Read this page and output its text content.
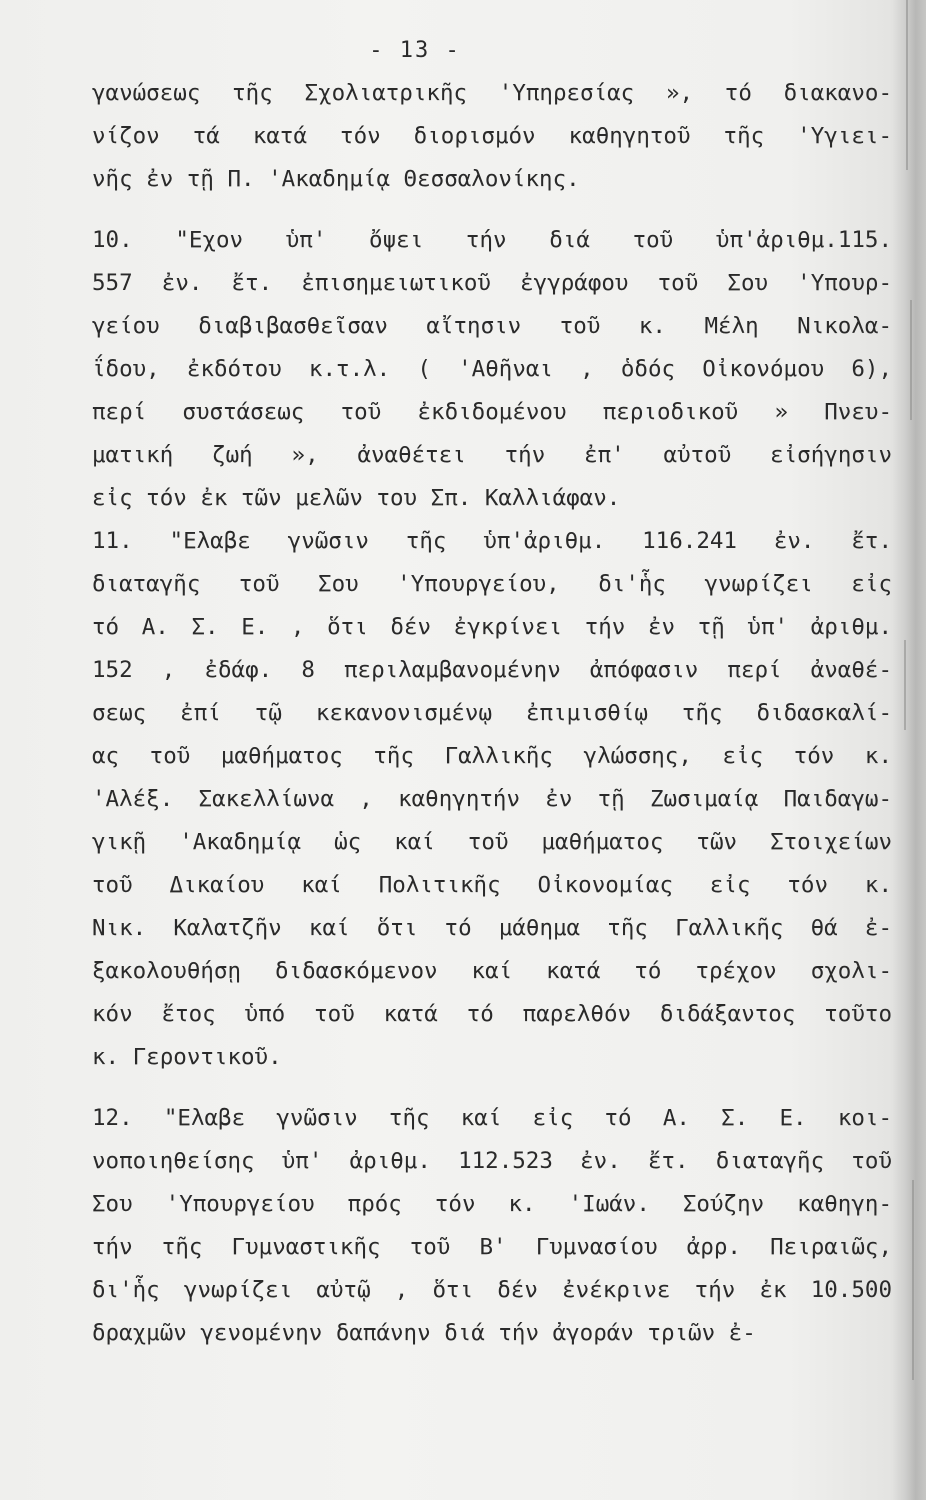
- 13 -
γανώσεως τῆς Σχολιατρικῆς 'Υπηρεσίας », τό διακανο-
νίζον τά κατά τόν διορισμόν καθηγητοῦ τῆς 'Υγιει-
νῆς ἐν τῇ Π. 'Ακαδημίᾳ Θεσσαλονίκης.
10. "Εχον ὑπ' ὄψει τήν διά τοῦ ὑπ'ἀριθμ.115.
557 ἐν. ἔτ. ἐπισημειωτικοῦ ἐγγράφου τοῦ Σου 'Υπουρ-
γείου διαβιβασθεῖσαν αἴτησιν τοῦ κ. Μέλη Νικολα-
ΐδου, ἐκδότου κ.τ.λ. ( 'Αθῆναι , ὁδός Οἰκονόμου 6),
περί συστάσεως τοῦ ἐκδιδομένου περιοδικοῦ » Πνευ-
ματική ζωή », ἀναθέτει τήν ἐπ' αὐτοῦ εἰσήγησιν
εἰς τόν ἐκ τῶν μελῶν του Σπ. Καλλιάφαν.
11. "Ελαβε γνῶσιν τῆς ὑπ'ἀριθμ. 116.241 ἐν. ἔτ.
διαταγῆς τοῦ Σου 'Υπουργείου, δι'ἧς γνωρίζει εἰς
τό Α. Σ. Ε. , ὅτι δέν ἐγκρίνει τήν ἐν τῇ ὑπ' ἀριθμ.
152 , ἐδάφ. 8 περιλαμβανομένην ἀπόφασιν περί ἀναθέ-
σεως ἐπί τῷ κεκανονισμένῳ ἐπιμισθίῳ τῆς διδασκαλί-
ας τοῦ μαθήματος τῆς Γαλλικῆς γλώσσης, εἰς τόν κ.
'Αλέξ. Σακελλίωνα , καθηγητήν ἐν τῇ Ζωσιμαίᾳ Παιδαγω-
γικῇ 'Ακαδημίᾳ ὡς καί τοῦ μαθήματος τῶν Στοιχείων
τοῦ Δικαίου καί Πολιτικῆς Οἰκονομίας εἰς τόν κ.
Νικ. Καλατζῆν καί ὅτι τό μάθημα τῆς Γαλλικῆς θά ἐ-
ξακολουθήσῃ διδασκόμενον καί κατά τό τρέχον σχολι-
κόν ἔτος ὑπό τοῦ κατά τό παρελθόν διδάξαντος τοῦτο
κ. Γεροντικοῦ.
12. "Ελαβε γνῶσιν τῆς καί εἰς τό Α. Σ. Ε. κοι-
νοποιηθείσης ὑπ' ἀριθμ. 112.523 ἐν. ἔτ. διαταγῆς τοῦ
Σου 'Υπουργείου πρός τόν κ. 'Ιωάν. Σούζην καθηγη-
τήν τῆς Γυμναστικῆς τοῦ Β' Γυμνασίου ἀρρ. Πειραιῶς,
δι'ἧς γνωρίζει αὐτῷ , ὅτι δέν ἐνέκρινε τήν ἐκ 10.500
δραχμῶν γενομένην δαπάνην διά τήν ἀγοράν τριῶν ἐ-
